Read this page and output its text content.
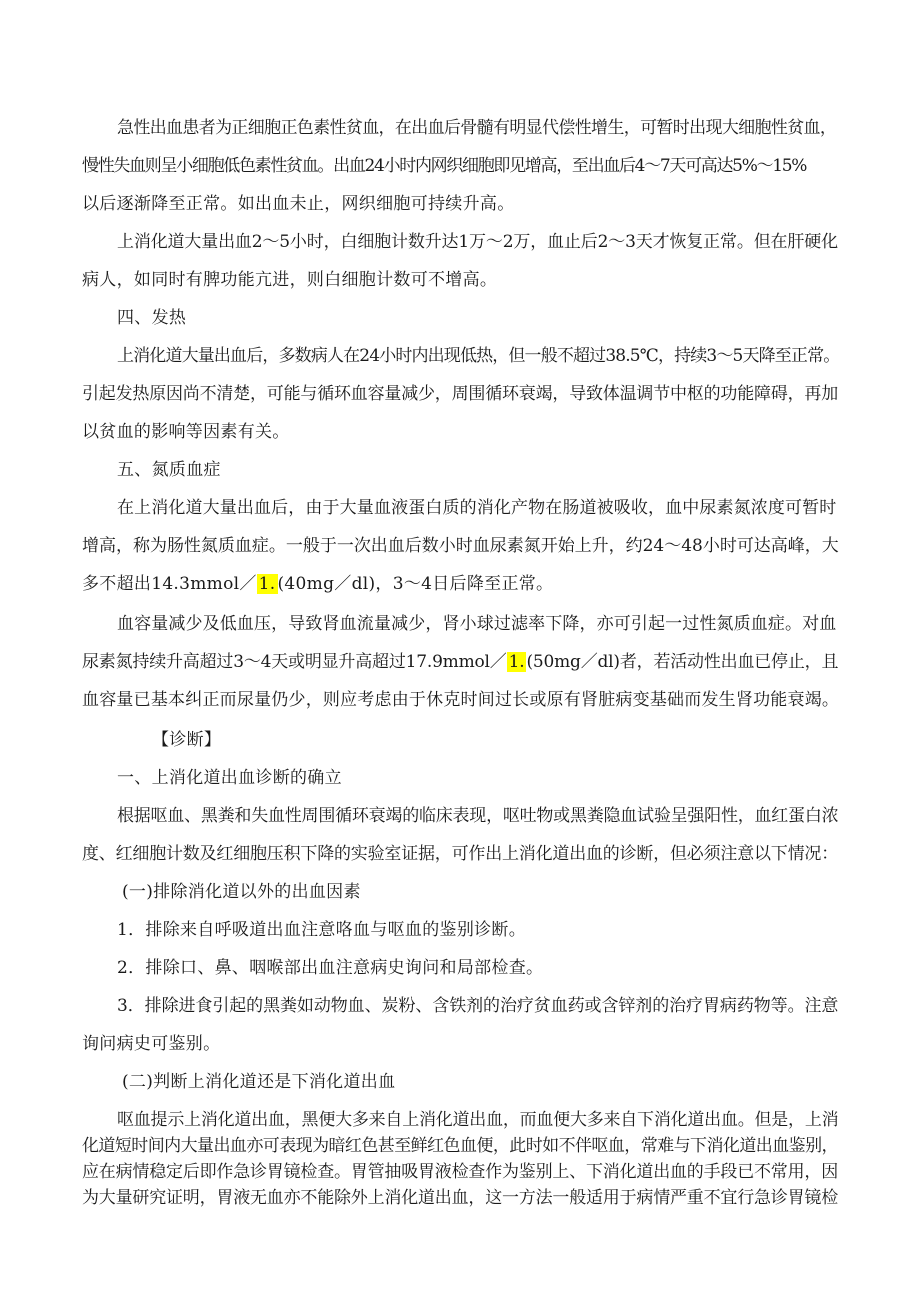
急性出血患者为正细胞正色素性贫血，在出血后骨髓有明显代偿性增生，可暂时出现大细胞性贫血，
慢性失血则呈小细胞低色素性贫血。出血24小时内网织细胞即见增高，至出血后4～7天可高达5%～15%
以后逐渐降至正常。如出血未止，网织细胞可持续升高。
上消化道大量出血2～5小时，白细胞计数升达1万～2万，血止后2～3天才恢复正常。但在肝硬化
病人，如同时有脾功能亢进，则白细胞计数可不增高。
四、发热
上消化道大量出血后，多数病人在24小时内出现低热，但一般不超过38.5℃，持续3～5天降至正常。
引起发热原因尚不清楚，可能与循环血容量减少，周围循环衰竭，导致体温调节中枢的功能障碍，再加
以贫血的影响等因素有关。
五、氮质血症
在上消化道大量出血后，由于大量血液蛋白质的消化产物在肠道被吸收，血中尿素氮浓度可暂时
增高，称为肠性氮质血症。一般于一次出血后数小时血尿素氮开始上升，约24～48小时可达高峰，大
多不超出14.3mmol／ 1. (40mg／dl)，3～4日后降至正常。
血容量减少及低血压，导致肾血流量减少，肾小球过滤率下降，亦可引起一过性氮质血症。对血
尿素氮持续升高超过3～4天或明显升高超过17.9mmol／ 1. (50mg／dl)者，若活动性出血已停止，且
血容量已基本纠正而尿量仍少，则应考虑由于休克时间过长或原有肾脏病变基础而发生肾功能衰竭。
【诊断】
一、上消化道出血诊断的确立
根据呕血、黑粪和失血性周围循环衰竭的临床表现，呕吐物或黑粪隐血试验呈强阳性，血红蛋白浓
度、红细胞计数及红细胞压积下降的实验室证据，可作出上消化道出血的诊断，但必须注意以下情况：
(一)排除消化道以外的出血因素
1．排除来自呼吸道出血注意咯血与呕血的鉴别诊断。
2．排除口、鼻、咽喉部出血注意病史询问和局部检查。
3．排除进食引起的黑粪如动物血、炭粉、含铁剂的治疗贫血药或含锌剂的治疗胃病药物等。注意
询问病史可鉴别。
(二)判断上消化道还是下消化道出血
呕血提示上消化道出血，黑便大多来自上消化道出血，而血便大多来自下消化道出血。但是，上消
化道短时间内大量出血亦可表现为暗红色甚至鲜红色血便，此时如不伴呕血，常难与下消化道出血鉴别，
应在病情稳定后即作急诊胃镜检查。胃管抽吸胃液检查作为鉴别上、下消化道出血的手段已不常用，因
为大量研究证明，胃液无血亦不能除外上消化道出血，这一方法一般适用于病情严重不宜行急诊胃镜检
